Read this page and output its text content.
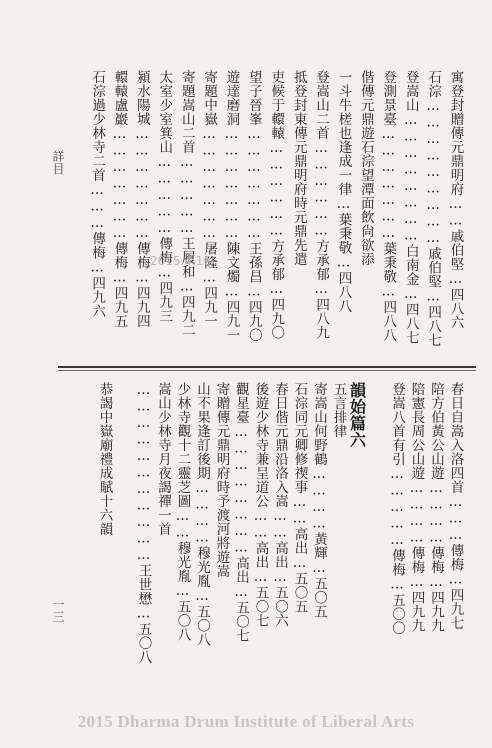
詳目
一三
寓登封贈傳元鼎明府……戚伯堅…四八六
石淙………………………戚伯堅…四八七
登嵩山……………………白南金…四八七
登測景臺…………………葉秉敬…四八八
偕傳元鼎遊石淙望潭面飲尙欲添
一斗牛槎也逢成一律…葉秉敬…四八八
登嵩山二首………………方承郁…四八九
抵登封東傳元鼎明府時元鼎先遣
吏候于轘轅………………方承郁…四九〇
望子晉峯…………………王孫昌…四九〇
遊達磨洞…………………陳文燭…四九一
寄題中嶽…………………屠隆…四九一
寄題嵩山二首……………王履和…四九二
太室少室箕山……………傳梅…四九三
潁水陽城…………………傳梅…四九四
轘轅盧巖…………………傳梅…四九五
石淙過少林寺二首………傳梅…四九六
春日自嵩入洛四首………傳梅…四九七
陪方伯黃公山遊…………傳梅…四九九
陪憲長周公山遊…………傳梅…四九九
登嵩八首有引……………傳梅…五〇〇
韻始篇六
五言排律
寄嵩山何野鶴…………黃輝…五〇五
石淙同元卿修禊事……高出…五〇五
春日偕元鼎沿洛入嵩……高出…五〇六
後遊少林寺兼呈道公……高出…五〇七
觀星臺……………………高出…五〇七
寄贈傳元鼎明府時予渡河將遊嵩
山不果逢訂後期…………穆光胤…五〇八
少林寺觀十二靈芝圖……穆光胤…五〇八
嵩山少林寺月夜謁禪一首
……………………………王世懋…五〇八
恭謁中嶽廟禮成賦十六韻
2015.4.16
2015 Dharma Drum Institute of Liberal Arts
